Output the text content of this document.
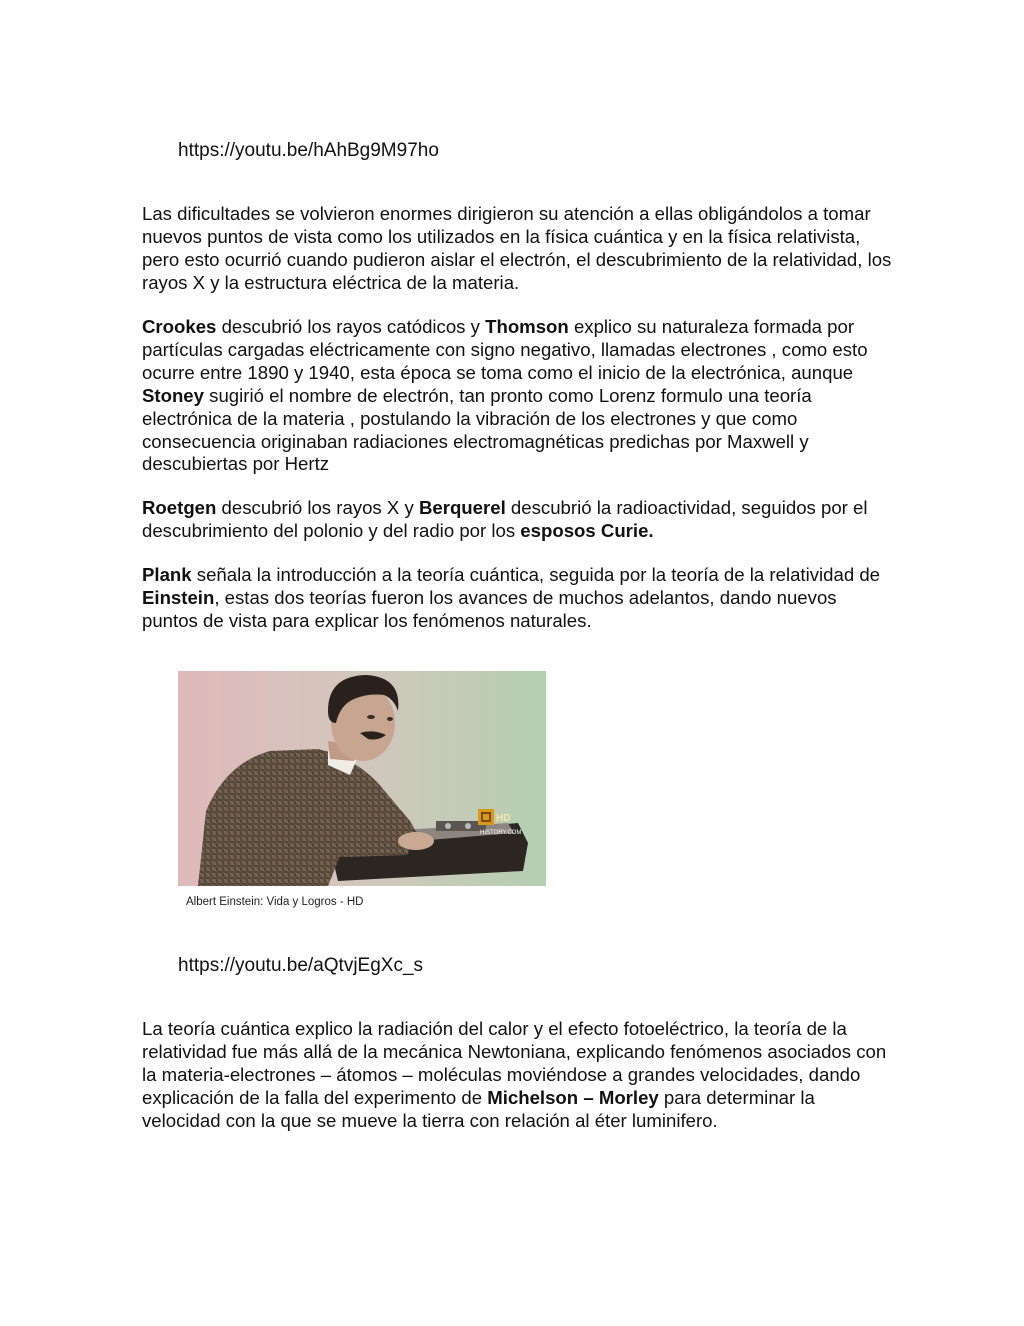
https://youtu.be/hAhBg9M97ho

Las dificultades se volvieron enormes dirigieron su atención a ellas obligándolos a tomar nuevos puntos de vista como los utilizados en la física cuántica y en la física relativista, pero esto ocurrió cuando pudieron aislar el electrón, el descubrimiento de la relatividad, los rayos X y la estructura eléctrica de la materia.

Crookes descubrió los rayos catódicos y Thomson explico su naturaleza formada por partículas cargadas eléctricamente con signo negativo, llamadas electrones , como esto ocurre entre 1890 y 1940, esta época se toma como el inicio de la electrónica, aunque Stoney sugirió el nombre de electrón, tan pronto como Lorenz formulo una teoría electrónica de la materia , postulando la vibración de los electrones y que como consecuencia originaban radiaciones electromagnéticas predichas por Maxwell y descubiertas por Hertz

Roetgen descubrió los rayos X y Berquerel descubrió la radioactividad, seguidos por el descubrimiento del polonio y del radio por los esposos Curie.

Plank señala la introducción a la teoría cuántica, seguida por la teoría de la relatividad de Einstein, estas dos teorías fueron los avances de muchos adelantos, dando nuevos puntos de vista para explicar los fenómenos naturales.

HD
HISTORY.COM
Albert Einstein: Vida y Logros - HD
https://youtu.be/aQtvjEgXc_s

La teoría cuántica explico la radiación del calor y el efecto fotoeléctrico, la teoría de la relatividad fue más allá de la mecánica Newtoniana, explicando fenómenos asociados con la materia-electrones – átomos – moléculas moviéndose a grandes velocidades, dando explicación de la falla del experimento de Michelson – Morley para determinar la velocidad con la que se mueve la tierra con relación al éter luminifero.
